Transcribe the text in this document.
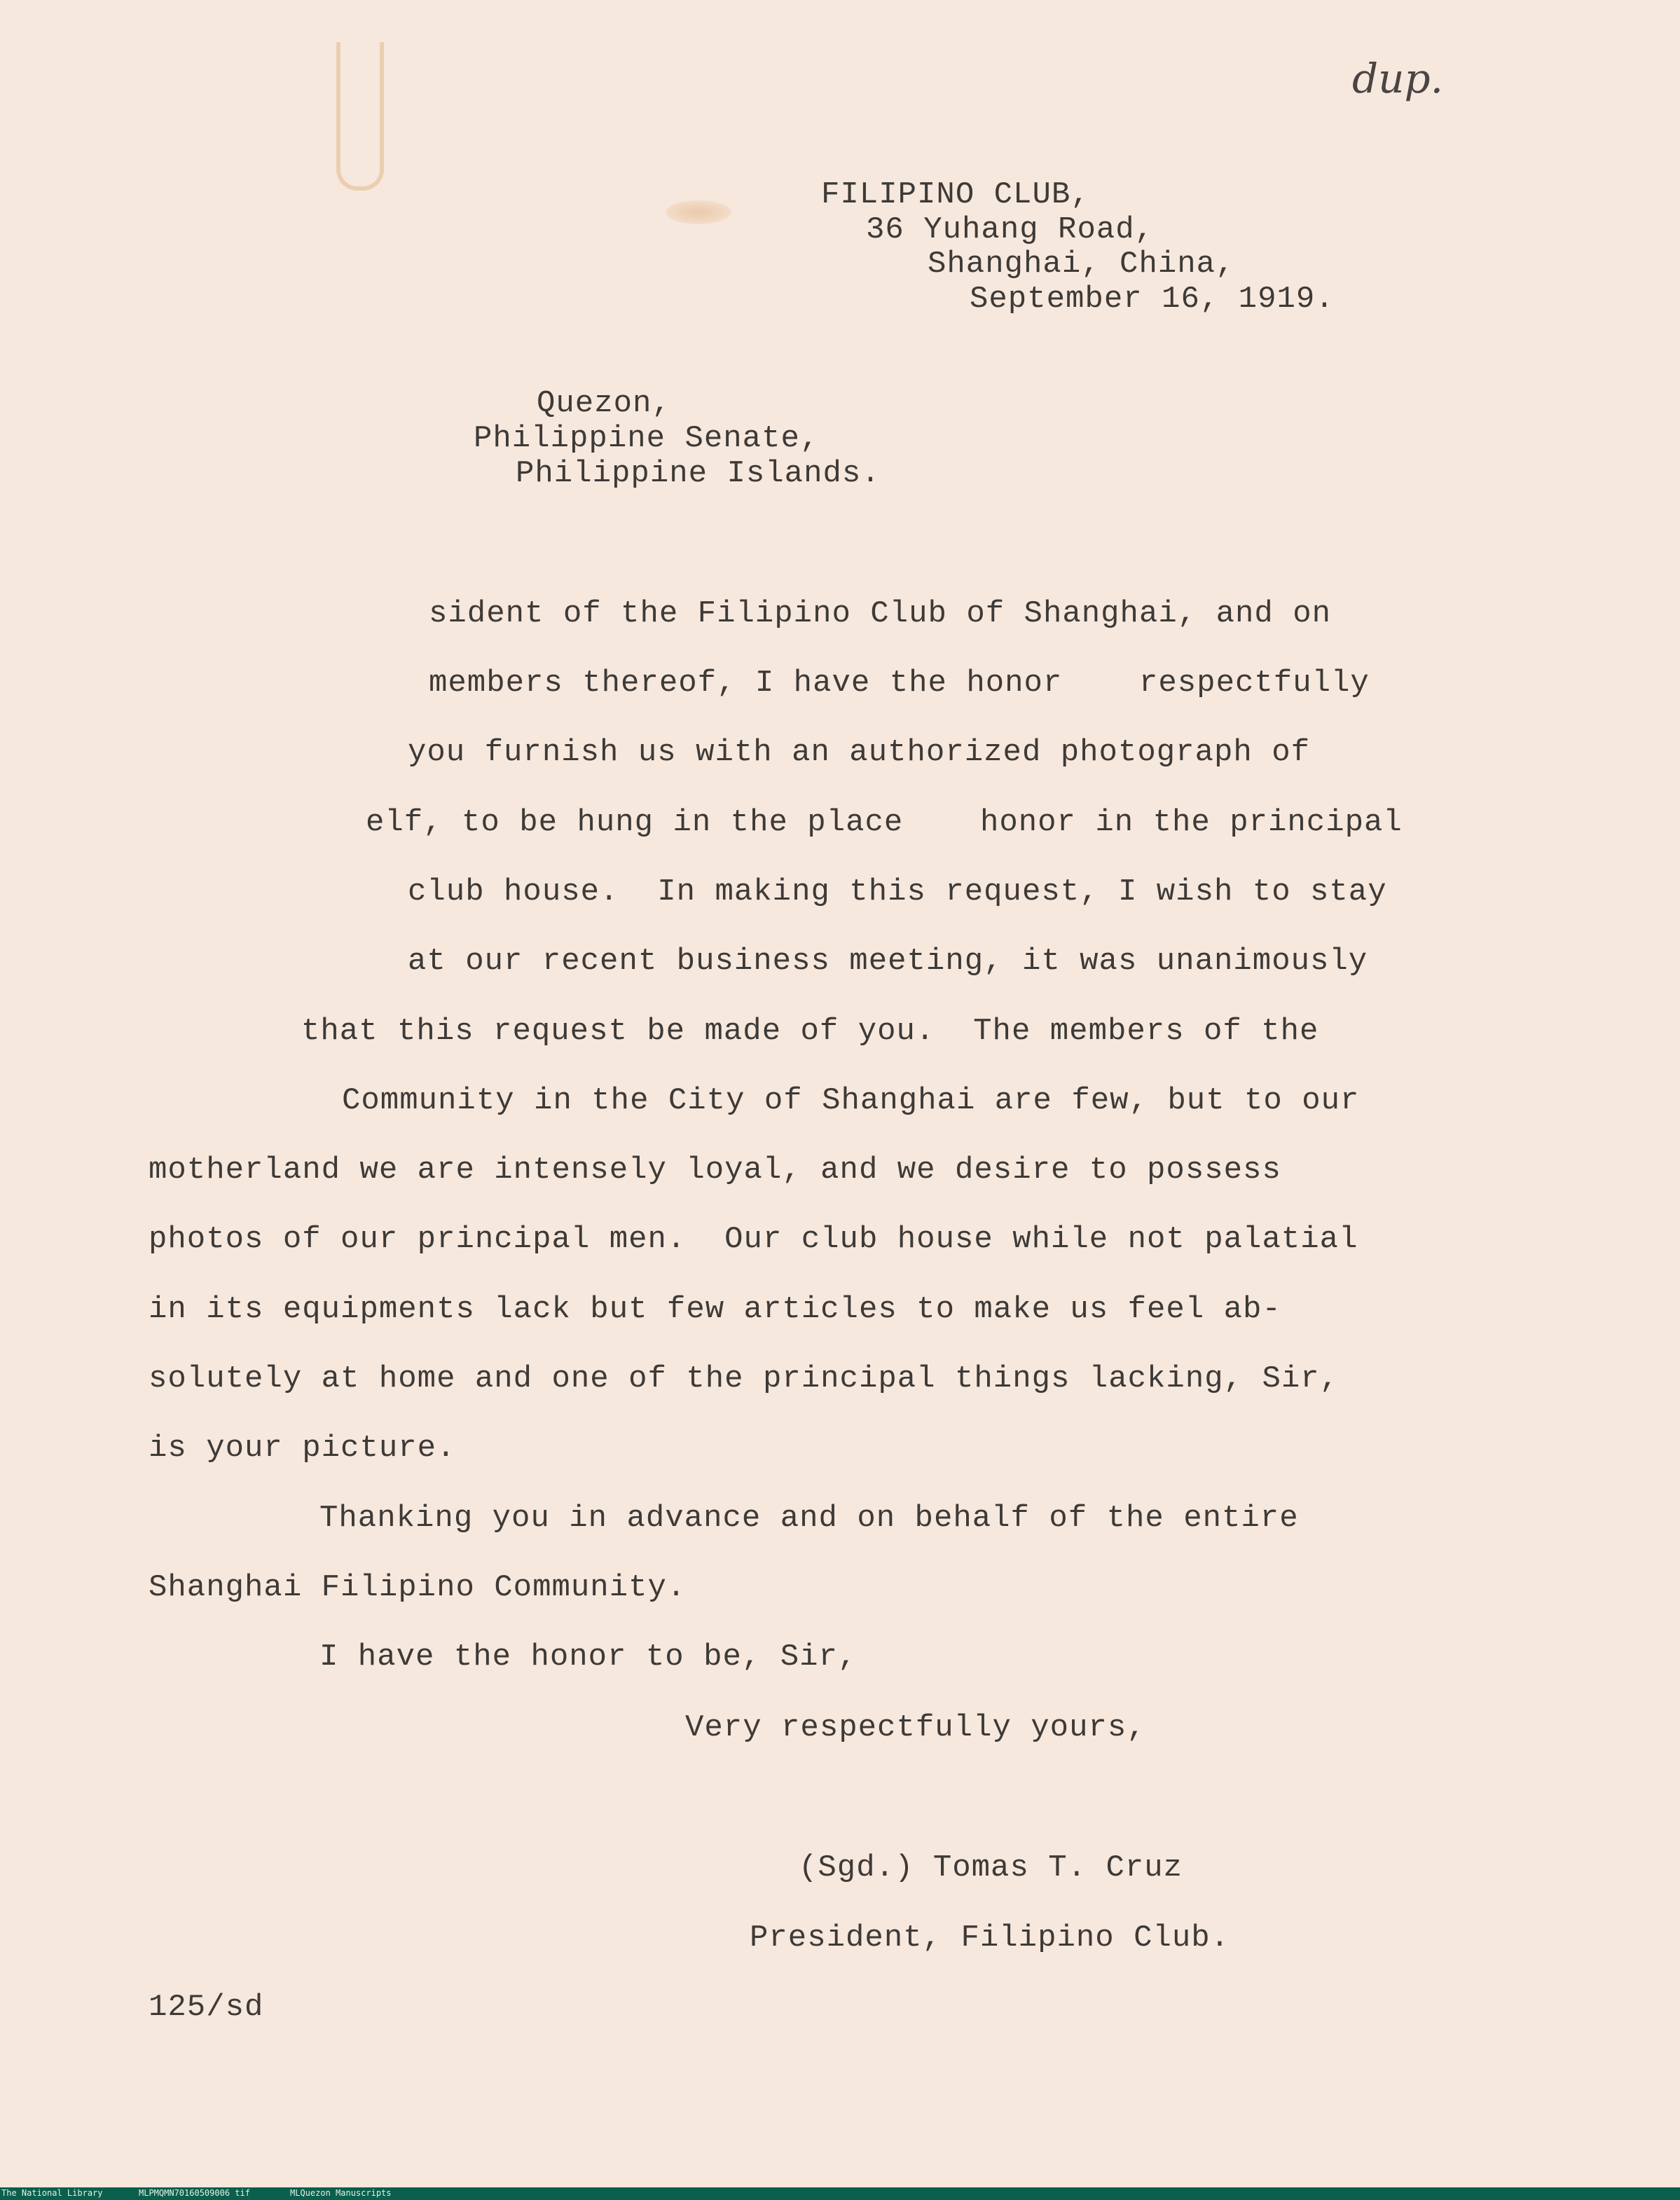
dup.
FILIPINO CLUB,
36 Yuhang Road,
Shanghai, China,
September 16, 1919.
Quezon,
Philippine Senate,
Philippine Islands.
sident of the Filipino Club of Shanghai, and on
members thereof, I have the honor    respectfully
you furnish us with an authorized photograph of
elf, to be hung in the place    honor in the principal
club house.  In making this request, I wish to stay
at our recent business meeting, it was unanimously
that this request be made of you.  The members of the
Community in the City of Shanghai are few, but to our
motherland we are intensely loyal, and we desire to possess
photos of our principal men.  Our club house while not palatial
in its equipments lack but few articles to make us feel ab-
solutely at home and one of the principal things lacking, Sir,
is your picture.
Thanking you in advance and on behalf of the entire
Shanghai Filipino Community.
I have the honor to be, Sir,
Very respectfully yours,
(Sgd.) Tomas T. Cruz
President, Filipino Club.
125/sd
The National Library	MLPMQMN70160509006 tif	MLQuezon Manuscripts
